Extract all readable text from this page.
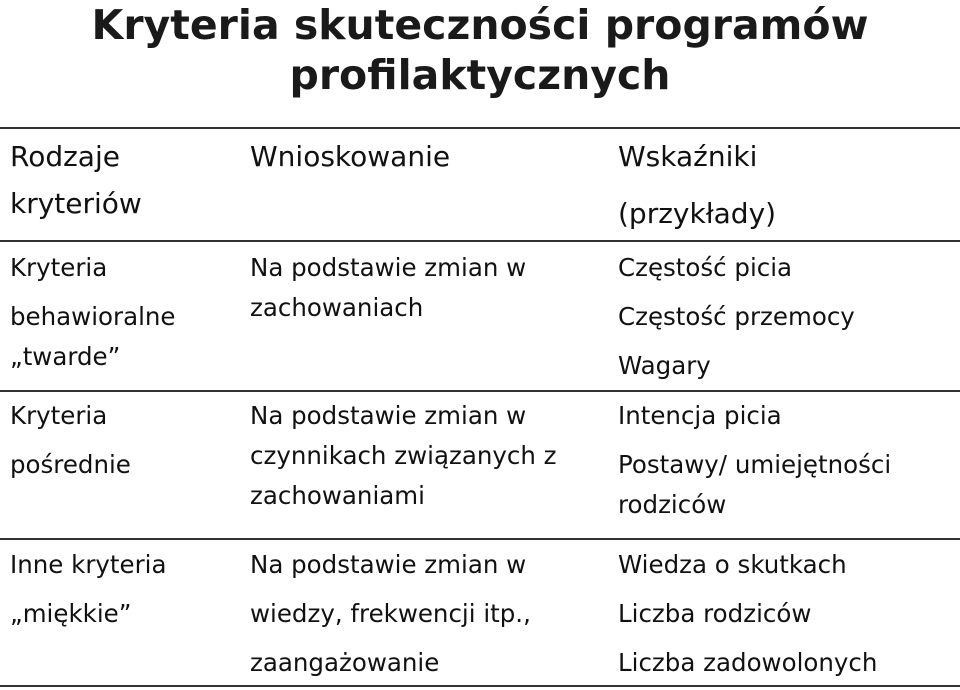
Kryteria skuteczności programów
profilaktycznych
Rodzaje
kryteriów
Wnioskowanie	Wskaźniki
(przykłady)
Kryteria
behawioralne
„twarde”
Na podstawie zmian w
zachowaniach
Częstość picia
Częstość przemocy
Wagary
Kryteria
pośrednie
Na podstawie zmian w
czynnikach związanych z
zachowaniami
Intencja picia
Postawy/ umiejętności
rodziców
Inne kryteria
„miękkie”
Na podstawie zmian w
wiedzy, frekwencji itp.,
zaangażowanie
Wiedza o skutkach
Liczba rodziców
Liczba zadowolonych
